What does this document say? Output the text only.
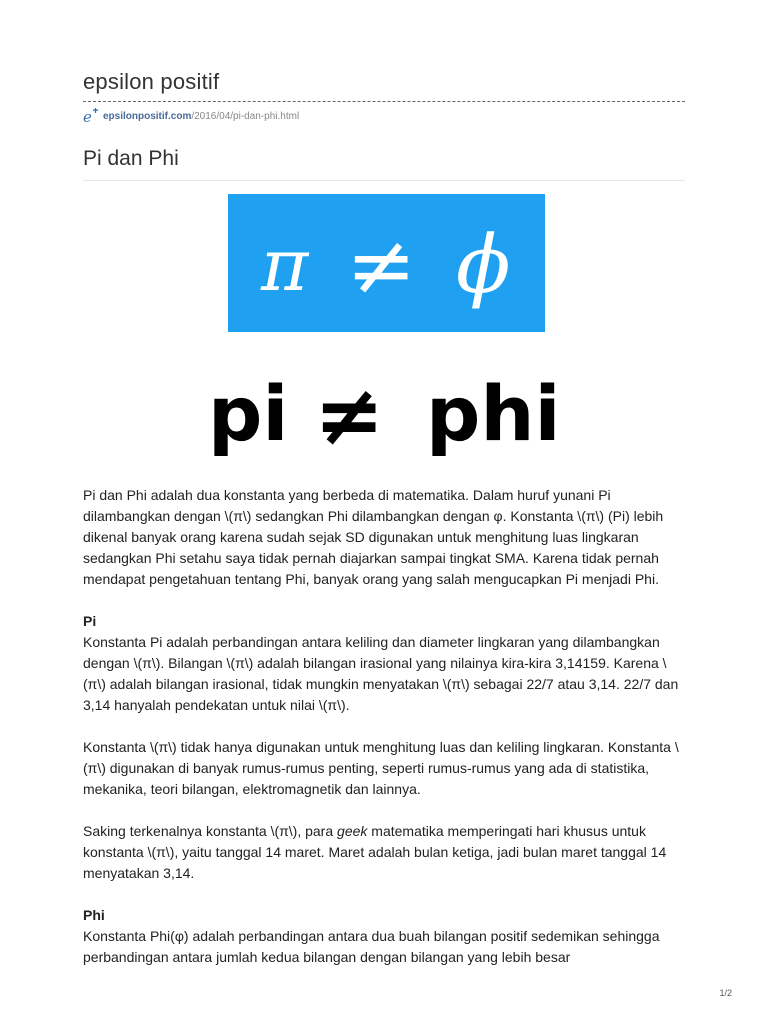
epsilon positif
e epsilonpositif.com /2016/04/pi-dan-phi.html
Pi dan Phi
π ≠ ϕ
pi ≠ phi

Pi dan Phi adalah dua konstanta yang berbeda di matematika. Dalam huruf yunani Pi dilambangkan dengan \(π\) sedangkan Phi dilambangkan dengan φ. Konstanta \(π\) (Pi) lebih dikenal banyak orang karena sudah sejak SD digunakan untuk menghitung luas lingkaran sedangkan Phi setahu saya tidak pernah diajarkan sampai tingkat SMA. Karena tidak pernah mendapat pengetahuan tentang Phi, banyak orang yang salah mengucapkan Pi menjadi Phi.

Pi
Konstanta Pi adalah perbandingan antara keliling dan diameter lingkaran yang dilambangkan dengan \(π\). Bilangan \(π\) adalah bilangan irasional yang nilainya kira-kira 3,14159. Karena \(π\) adalah bilangan irasional, tidak mungkin menyatakan \(π\) sebagai 22/7 atau 3,14. 22/7 dan 3,14 hanyalah pendekatan untuk nilai \(π\).

Konstanta \(π\) tidak hanya digunakan untuk menghitung luas dan keliling lingkaran. Konstanta \(π\) digunakan di banyak rumus-rumus penting, seperti rumus-rumus yang ada di statistika, mekanika, teori bilangan, elektromagnetik dan lainnya.

Saking terkenalnya konstanta \(π\), para geek matematika memperingati hari khusus untuk konstanta \(π\), yaitu tanggal 14 maret. Maret adalah bulan ketiga, jadi bulan maret tanggal 14 menyatakan 3,14.

Phi
Konstanta Phi(φ) adalah perbandingan antara dua buah bilangan positif sedemikan sehingga perbandingan antara jumlah kedua bilangan dengan bilangan yang lebih besar

1/2
